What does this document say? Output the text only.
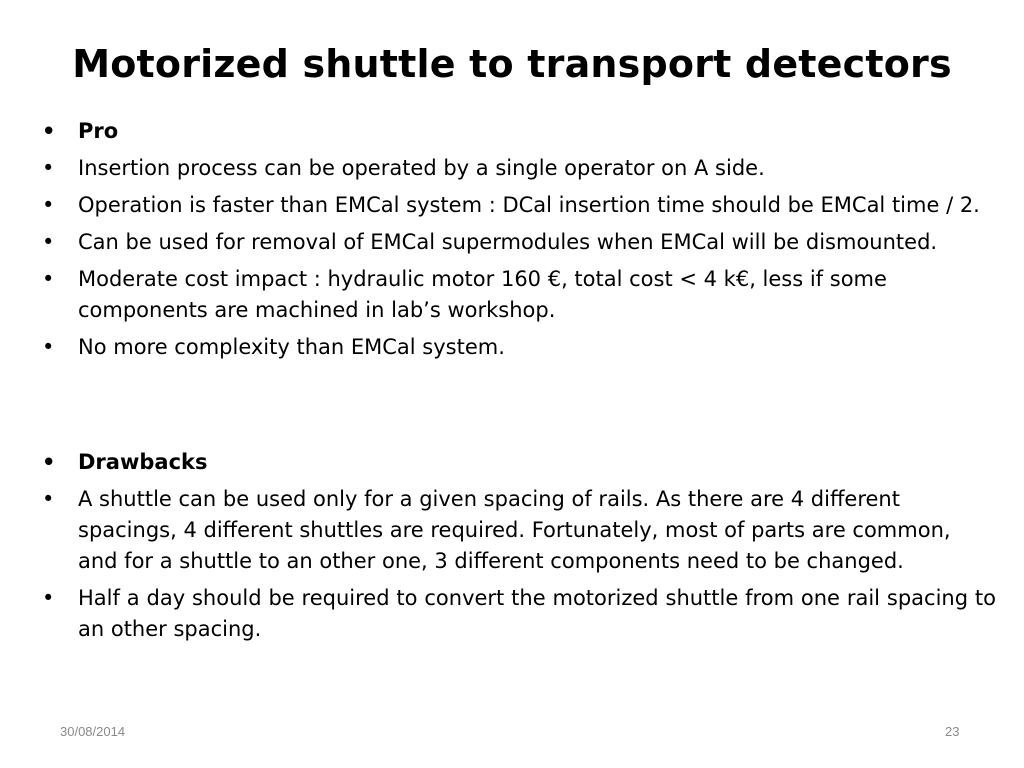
Motorized shuttle to transport detectors
•	Pro
•	Insertion process can be operated by a single operator on A side.
•	Operation is faster than EMCal system : DCal insertion time should be EMCal time / 2.
•	Can be used for removal of EMCal supermodules when EMCal will be dismounted.
•	Moderate cost impact : hydraulic motor 160 €, total cost < 4 k€, less if some components are machined in lab’s workshop.
•	No more complexity than EMCal system.
•	Drawbacks
•	A shuttle can be used only for a given spacing of rails. As there are 4 different spacings, 4 different shuttles are required. Fortunately, most of parts are common, and for a shuttle to an other one, 3 different components need to be changed.
•	Half a day should be required to convert the motorized shuttle from one rail spacing to an other spacing.
30/08/2014	23
